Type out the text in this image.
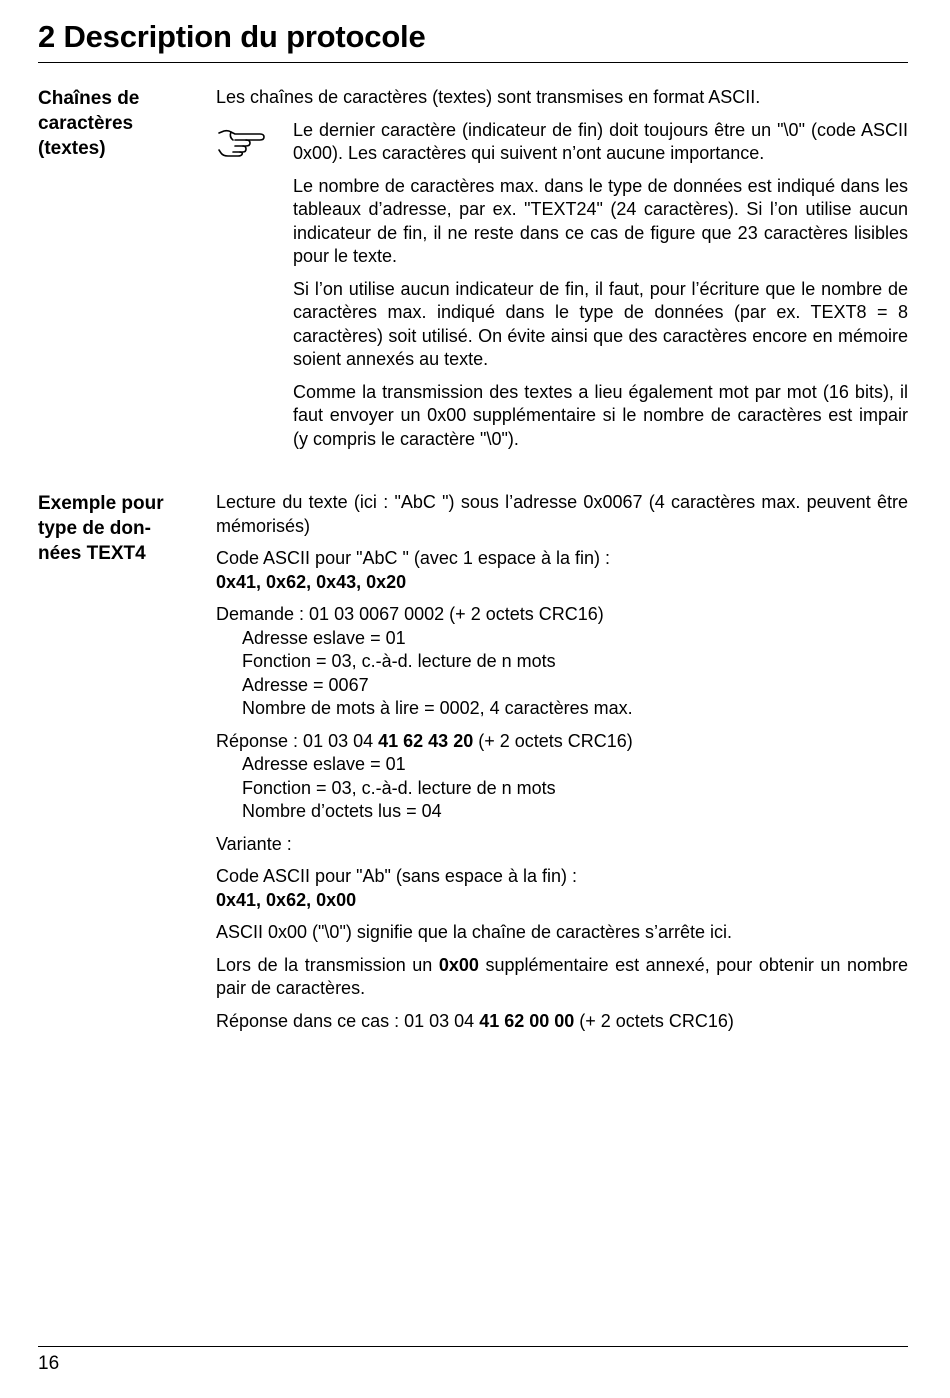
2 Description du protocole
Chaînes de
caractères
(textes)

Les chaînes de caractères (textes) sont transmises en format ASCII.

Le dernier caractère (indicateur de fin) doit toujours être un "\0" (code ASCII 0x00). Les caractères qui suivent n’ont aucune importance.

Le nombre de caractères max. dans le type de données est indiqué dans les tableaux d’adresse, par ex. "TEXT24" (24 caractères). Si l’on utilise aucun indicateur de fin, il ne reste dans ce cas de figure que 23 caractères lisibles pour le texte.

Si l’on utilise aucun indicateur de fin, il faut, pour l’écriture que le nombre de caractères max. indiqué dans le type de données (par ex. TEXT8 = 8 caractères) soit utilisé. On évite ainsi que des caractères encore en mémoire soient annexés au texte.

Comme la transmission des textes a lieu également mot par mot (16 bits), il faut envoyer un 0x00 supplémentaire si le nombre de caractères est impair (y compris le caractère "\0").

Exemple pour
type de don-
nées TEXT4

Lecture du texte (ici : "AbC ") sous l’adresse 0x0067 (4 caractères max. peuvent être mémorisés)

Code ASCII pour "AbC " (avec 1 espace à la fin) :
0x41, 0x62, 0x43, 0x20

Demande : 01 03 0067 0002 (+ 2 octets CRC16)
Adresse eslave = 01
Fonction = 03, c.-à-d. lecture de n mots
Adresse = 0067
Nombre de mots à lire = 0002, 4 caractères max.

Réponse : 01 03 04 41 62 43 20 (+ 2 octets CRC16)
Adresse eslave = 01
Fonction = 03, c.-à-d. lecture de n mots
Nombre d’octets lus = 04

Variante :

Code ASCII pour "Ab" (sans espace à la fin) :
0x41, 0x62, 0x00

ASCII 0x00 ("\0") signifie que la chaîne de caractères s’arrête ici.

Lors de la transmission un 0x00 supplémentaire est annexé, pour obtenir un nombre pair de caractères.

Réponse dans ce cas : 01 03 04 41 62 00 00 (+ 2 octets CRC16)

16
